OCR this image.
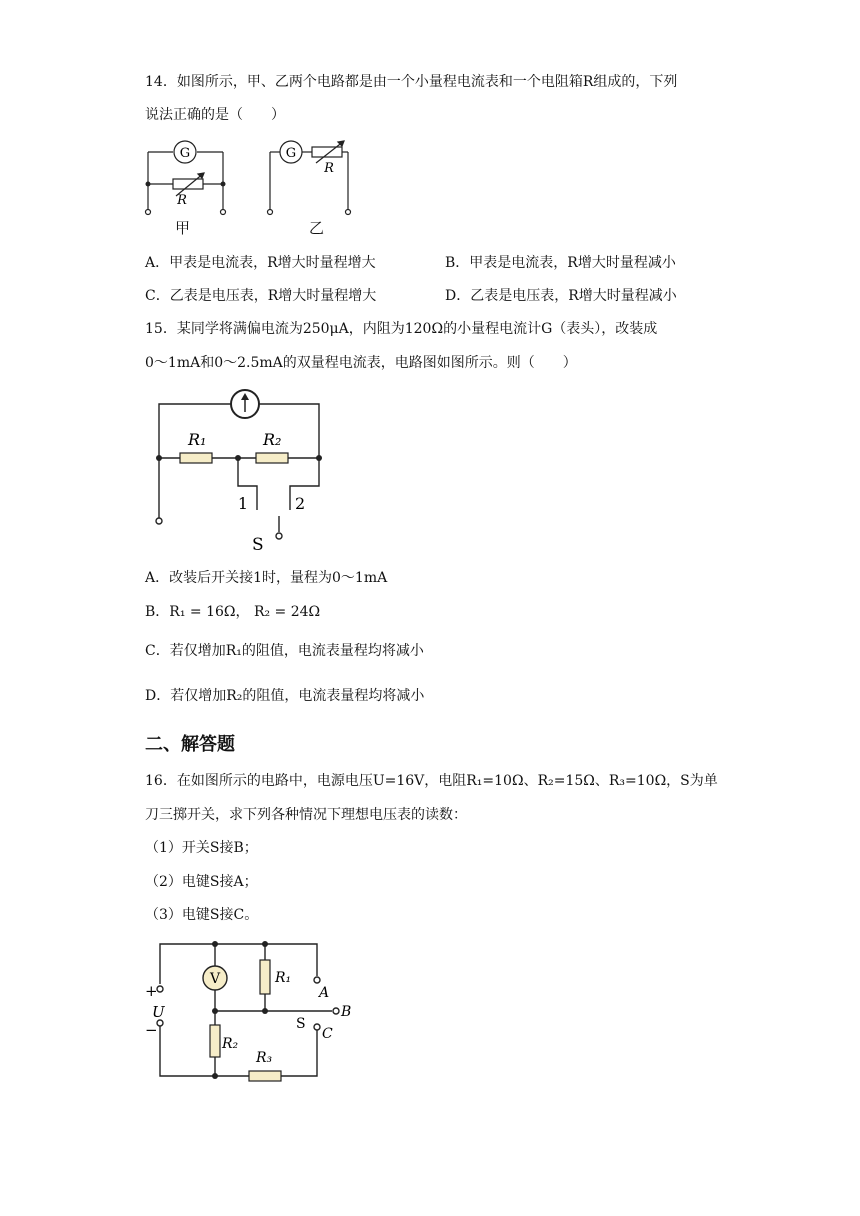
14．如图所示，甲、乙两个电路都是由一个小量程电流表和一个电阻箱R组成的，下列
说法正确的是（　　）
G
R
甲
G
R
乙
A．甲表是电流表，R增大时量程增大	B．甲表是电流表，R增大时量程减小
C．乙表是电压表，R增大时量程增大	D．乙表是电压表，R增大时量程减小
15．某同学将满偏电流为250μA，内阻为120Ω的小量程电流计G（表头），改装成
0～1mA和0～2.5mA的双量程电流表，电路图如图所示。则（　　）
R₁	R₂
1	2
S
A．改装后开关接1时，量程为0～1mA
B．R₁ = 16Ω， R₂ = 24Ω
C．若仅增加R₁的阻值，电流表量程均将减小
D．若仅增加R₂的阻值，电流表量程均将减小
二、解答题
16．在如图所示的电路中，电源电压U=16V，电阻R₁=10Ω、R₂=15Ω、R₃=10Ω，S为单
刀三掷开关，求下列各种情况下理想电压表的读数：
（1）开关S接B；
（2）电键S接A；
（3）电键S接C。
V
+
U
−
R₁
R₂
R₃
A
S
B
C
